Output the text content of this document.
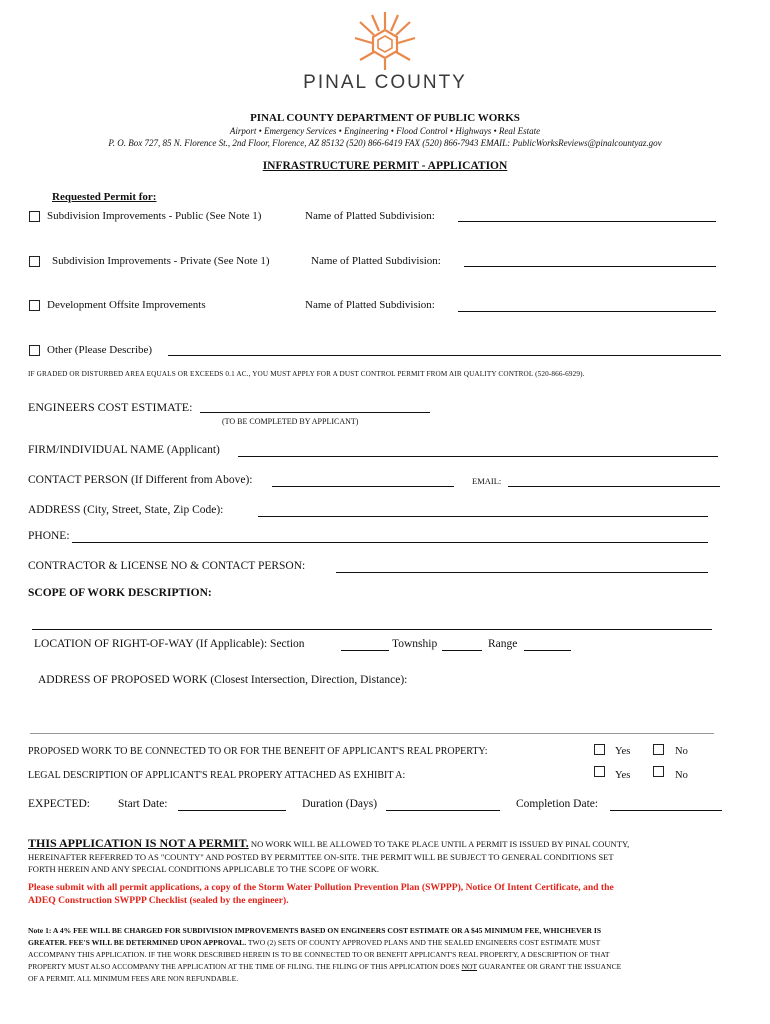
PINAL COUNTY
PINAL COUNTY DEPARTMENT OF PUBLIC WORKS
Airport • Emergency Services • Engineering • Flood Control • Highways • Real Estate
P. O. Box 727, 85 N. Florence St., 2nd Floor, Florence, AZ 85132 (520) 866-6419 FAX (520) 866-7943 EMAIL: PublicWorksReviews@pinalcountyaz.gov
INFRASTRUCTURE PERMIT - APPLICATION
Requested Permit for:
Subdivision Improvements - Public (See Note 1)	Name of Platted Subdivision:
Subdivision Improvements - Private (See Note 1)	Name of Platted Subdivision:
Development Offsite Improvements	Name of Platted Subdivision:
Other (Please Describe)
IF GRADED OR DISTURBED AREA EQUALS OR EXCEEDS 0.1 AC., YOU MUST APPLY FOR A DUST CONTROL PERMIT FROM AIR QUALITY CONTROL (520-866-6929).
ENGINEERS COST ESTIMATE:
(TO BE COMPLETED BY APPLICANT)
FIRM/INDIVIDUAL NAME (Applicant)
CONTACT PERSON (If Different from Above):	EMAIL:
ADDRESS (City, Street, State, Zip Code):
PHONE:
CONTRACTOR & LICENSE NO & CONTACT PERSON:
SCOPE OF WORK DESCRIPTION:
LOCATION OF RIGHT-OF-WAY (If Applicable): Section	Township	Range
ADDRESS OF PROPOSED WORK (Closest Intersection, Direction, Distance):
PROPOSED WORK TO BE CONNECTED TO OR FOR THE BENEFIT OF APPLICANT'S REAL PROPERTY:	Yes	No
LEGAL DESCRIPTION OF APPLICANT'S REAL PROPERY ATTACHED AS EXHIBIT A:	Yes	No
EXPECTED: Start Date:	Duration (Days)	Completion Date:
THIS APPLICATION IS NOT A PERMIT. NO WORK WILL BE ALLOWED TO TAKE PLACE UNTIL A PERMIT IS ISSUED BY PINAL COUNTY,
HEREINAFTER REFERRED TO AS "COUNTY" AND POSTED BY PERMITTEE ON-SITE. THE PERMIT WILL BE SUBJECT TO GENERAL CONDITIONS SET
FORTH HEREIN AND ANY SPECIAL CONDITIONS APPLICABLE TO THE SCOPE OF WORK.
Please submit with all permit applications, a copy of the Storm Water Pollution Prevention Plan (SWPPP), Notice Of Intent Certificate, and the
ADEQ Construction SWPPP Checklist (sealed by the engineer).
Note 1: A 4% FEE WILL BE CHARGED FOR SUBDIVISION IMPROVEMENTS BASED ON ENGINEERS COST ESTIMATE OR A $45 MINIMUM FEE, WHICHEVER IS
GREATER. FEE'S WILL BE DETERMINED UPON APPROVAL. TWO (2) SETS OF COUNTY APPROVED PLANS AND THE SEALED ENGINEERS COST ESTIMATE MUST
ACCOMPANY THIS APPLICATION. IF THE WORK DESCRIBED HEREIN IS TO BE CONNECTED TO OR BENEFIT APPLICANT'S REAL PROPERTY, A DESCRIPTION OF THAT
PROPERTY MUST ALSO ACCOMPANY THE APPLICATION AT THE TIME OF FILING. THE FILING OF THIS APPLICATION DOES NOT GUARANTEE OR GRANT THE ISSUANCE
OF A PERMIT. ALL MINIMUM FEES ARE NON REFUNDABLE.
